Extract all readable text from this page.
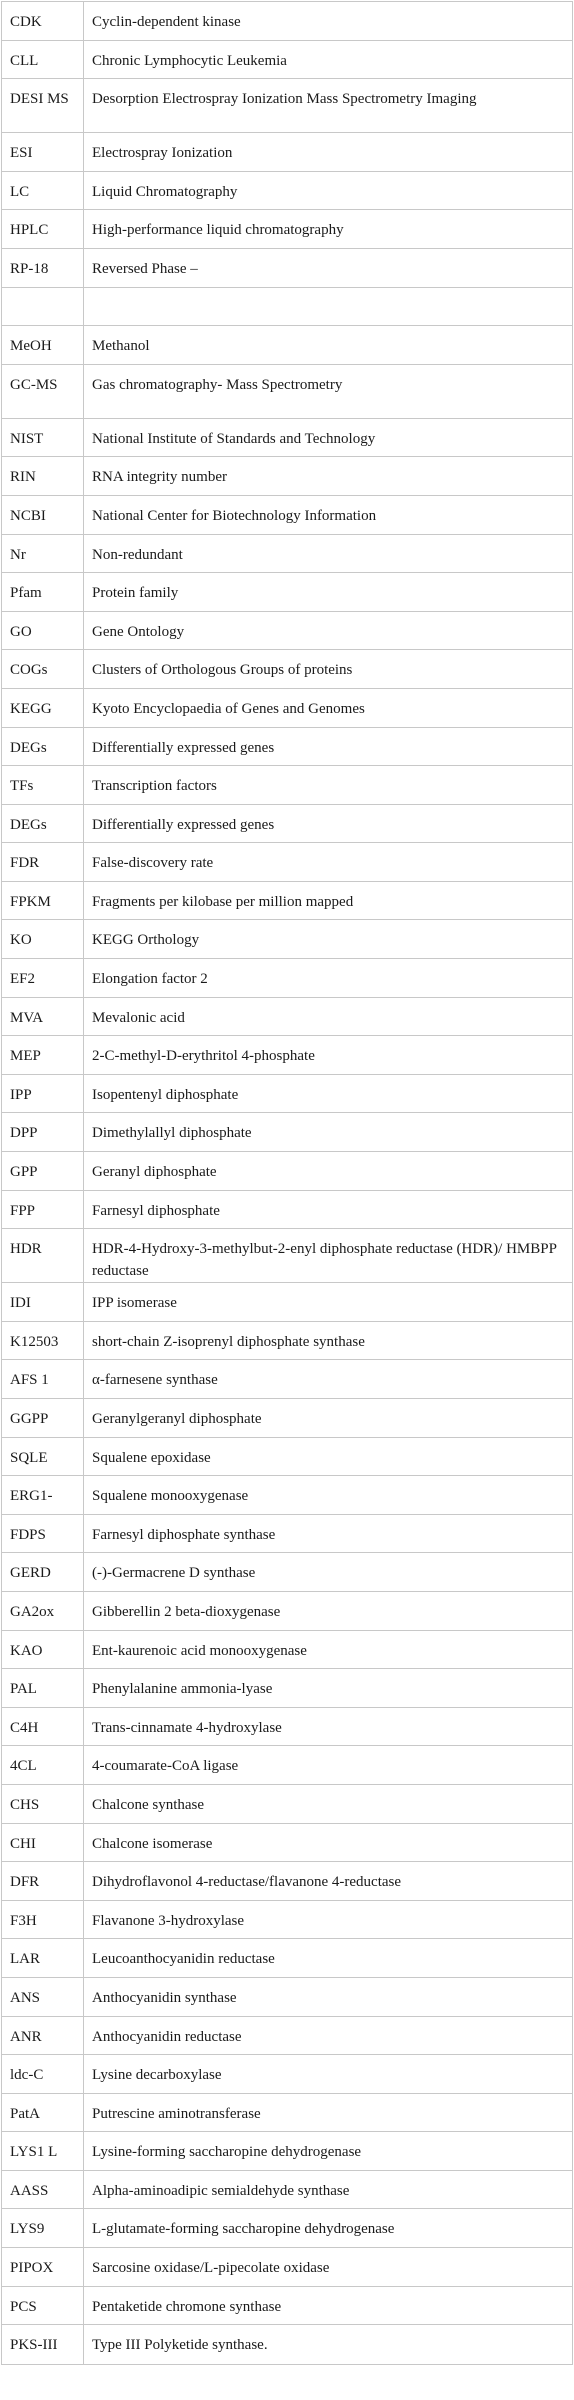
CDK	Cyclin-dependent kinase
CLL	Chronic Lymphocytic Leukemia
DESI MS	Desorption Electrospray Ionization Mass Spectrometry Imaging
ESI	Electrospray Ionization
LC	Liquid Chromatography
HPLC	High-performance liquid chromatography
RP-18	Reversed Phase –
MeOH	Methanol
GC-MS	Gas chromatography- Mass Spectrometry
NIST	National Institute of Standards and Technology
RIN	RNA integrity number
NCBI	National Center for Biotechnology Information
Nr	Non-redundant
Pfam	Protein family
GO	Gene Ontology
COGs	Clusters of Orthologous Groups of proteins
KEGG	Kyoto Encyclopaedia of Genes and Genomes
DEGs	Differentially expressed genes
TFs	Transcription factors
DEGs	Differentially expressed genes
FDR	False-discovery rate
FPKM	Fragments per kilobase per million mapped
KO	KEGG Orthology
EF2	Elongation factor 2
MVA	Mevalonic acid
MEP	2-C-methyl-D-erythritol 4-phosphate
IPP	Isopentenyl diphosphate
DPP	Dimethylallyl diphosphate
GPP	Geranyl diphosphate
FPP	Farnesyl diphosphate
HDR	HDR-4-Hydroxy-3-methylbut-2-enyl diphosphate reductase (HDR)/ HMBPP reductase
IDI	IPP isomerase
K12503	short-chain Z-isoprenyl diphosphate synthase
AFS 1	α-farnesene synthase
GGPP	Geranylgeranyl diphosphate
SQLE	Squalene epoxidase
ERG1-	Squalene monooxygenase
FDPS	Farnesyl diphosphate synthase
GERD	(-)-Germacrene D synthase
GA2ox	Gibberellin 2 beta-dioxygenase
KAO	Ent-kaurenoic acid monooxygenase
PAL	Phenylalanine ammonia-lyase
C4H	Trans-cinnamate 4-hydroxylase
4CL	4-coumarate-CoA ligase
CHS	Chalcone synthase
CHI	Chalcone isomerase
DFR	Dihydroflavonol 4-reductase/flavanone 4-reductase
F3H	Flavanone 3-hydroxylase
LAR	Leucoanthocyanidin reductase
ANS	Anthocyanidin synthase
ANR	Anthocyanidin reductase
ldc-C	Lysine decarboxylase
PatA	Putrescine aminotransferase
LYS1 L	Lysine-forming saccharopine dehydrogenase
AASS	Alpha-aminoadipic semialdehyde synthase
LYS9	L-glutamate-forming saccharopine dehydrogenase
PIPOX	Sarcosine oxidase/L-pipecolate oxidase
PCS	Pentaketide chromone synthase
PKS-III	Type III Polyketide synthase.
